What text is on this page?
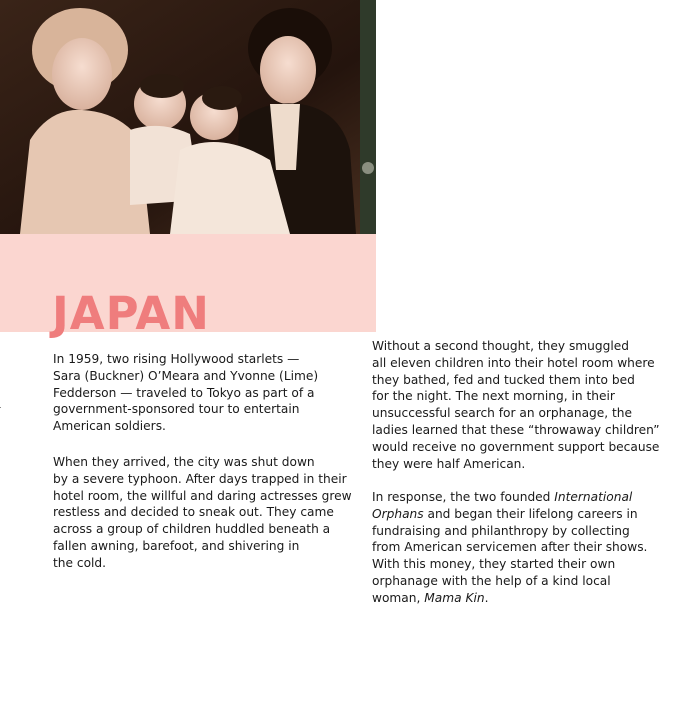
JAPAN

In 1959, two rising Hollywood starlets —
Sara (Buckner) O’Meara and Yvonne (Lime)
Fedderson — traveled to Tokyo as part of a
government-sponsored tour to entertain
American soldiers.

When they arrived, the city was shut down
by a severe typhoon. After days trapped in their
hotel room, the willful and daring actresses grew
restless and decided to sneak out. They came
across a group of children huddled beneath a
fallen awning, barefoot, and shivering in
the cold.

Without a second thought, they smuggled
all eleven children into their hotel room where
they bathed, fed and tucked them into bed
for the night. The next morning, in their
unsuccessful search for an orphanage, the
ladies learned that these “throwaway children”
would receive no government support because
they were half American.

In response, the two founded International
Orphans and began their lifelong careers in
fundraising and philanthropy by collecting
from American servicemen after their shows.
With this money, they started their own
orphanage with the help of a kind local
woman, Mama Kin.
